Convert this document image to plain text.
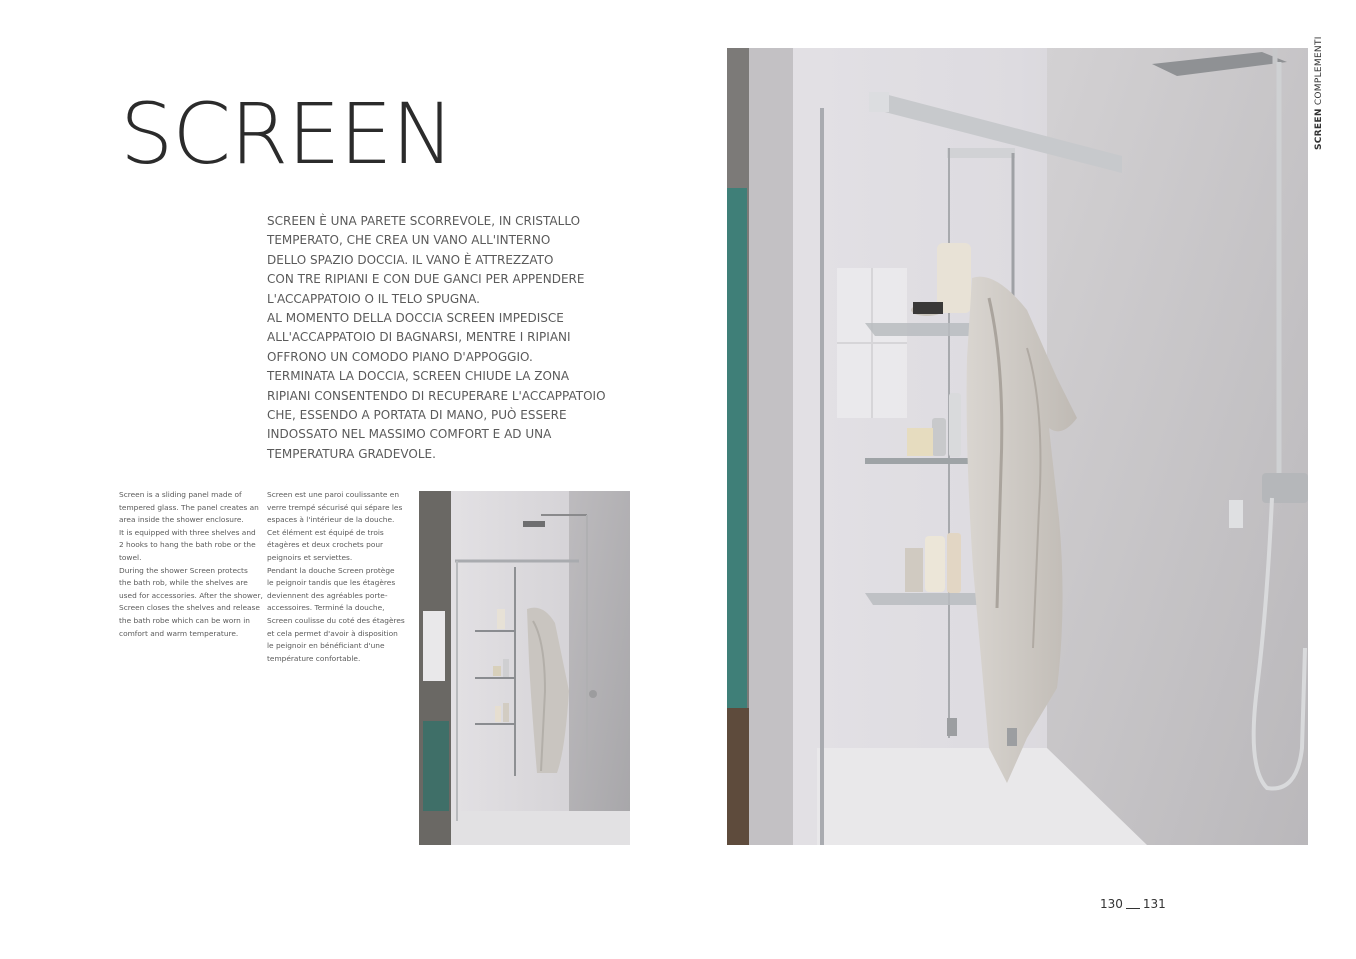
SCREEN
SCREEN È UNA PARETE SCORREVOLE, IN CRISTALLO
TEMPERATO, CHE CREA UN VANO ALL'INTERNO
DELLO SPAZIO DOCCIA. IL VANO È ATTREZZATO
CON TRE RIPIANI E CON DUE GANCI PER APPENDERE
L'ACCAPPATOIO O IL TELO SPUGNA.
AL MOMENTO DELLA DOCCIA SCREEN IMPEDISCE
ALL'ACCAPPATOIO DI BAGNARSI, MENTRE I RIPIANI
OFFRONO UN COMODO PIANO D'APPOGGIO.
TERMINATA LA DOCCIA, SCREEN CHIUDE LA ZONA
RIPIANI CONSENTENDO DI RECUPERARE L'ACCAPPATOIO
CHE, ESSENDO A PORTATA DI MANO, PUÒ ESSERE
INDOSSATO NEL MASSIMO COMFORT E AD UNA
TEMPERATURA GRADEVOLE.
Screen is a sliding panel made of
tempered glass. The panel creates an
area inside the shower enclosure.
It is equipped with three shelves and
2 hooks to hang the bath robe or the
towel.
During the shower Screen protects
the bath rob, while the shelves are
used for accessories. After the shower,
Screen closes the shelves and release
the bath robe which can be worn in
comfort and warm temperature.
Screen est une paroi coulissante en
verre trempé sécurisé qui sépare les
espaces à l'intérieur de la douche.
Cet élément est équipé de trois
étagères et deux crochets pour
peignoirs et serviettes.
Pendant la douche Screen protège
le peignoir tandis que les étagères
deviennent des agréables porte-
accessoires. Terminé la douche,
Screen coulisse du coté des étagères
et cela permet d'avoir à disposition
le peignoir en bénéficiant d'une
température confortable.
SCREEN COMPLEMENTI
130 131
